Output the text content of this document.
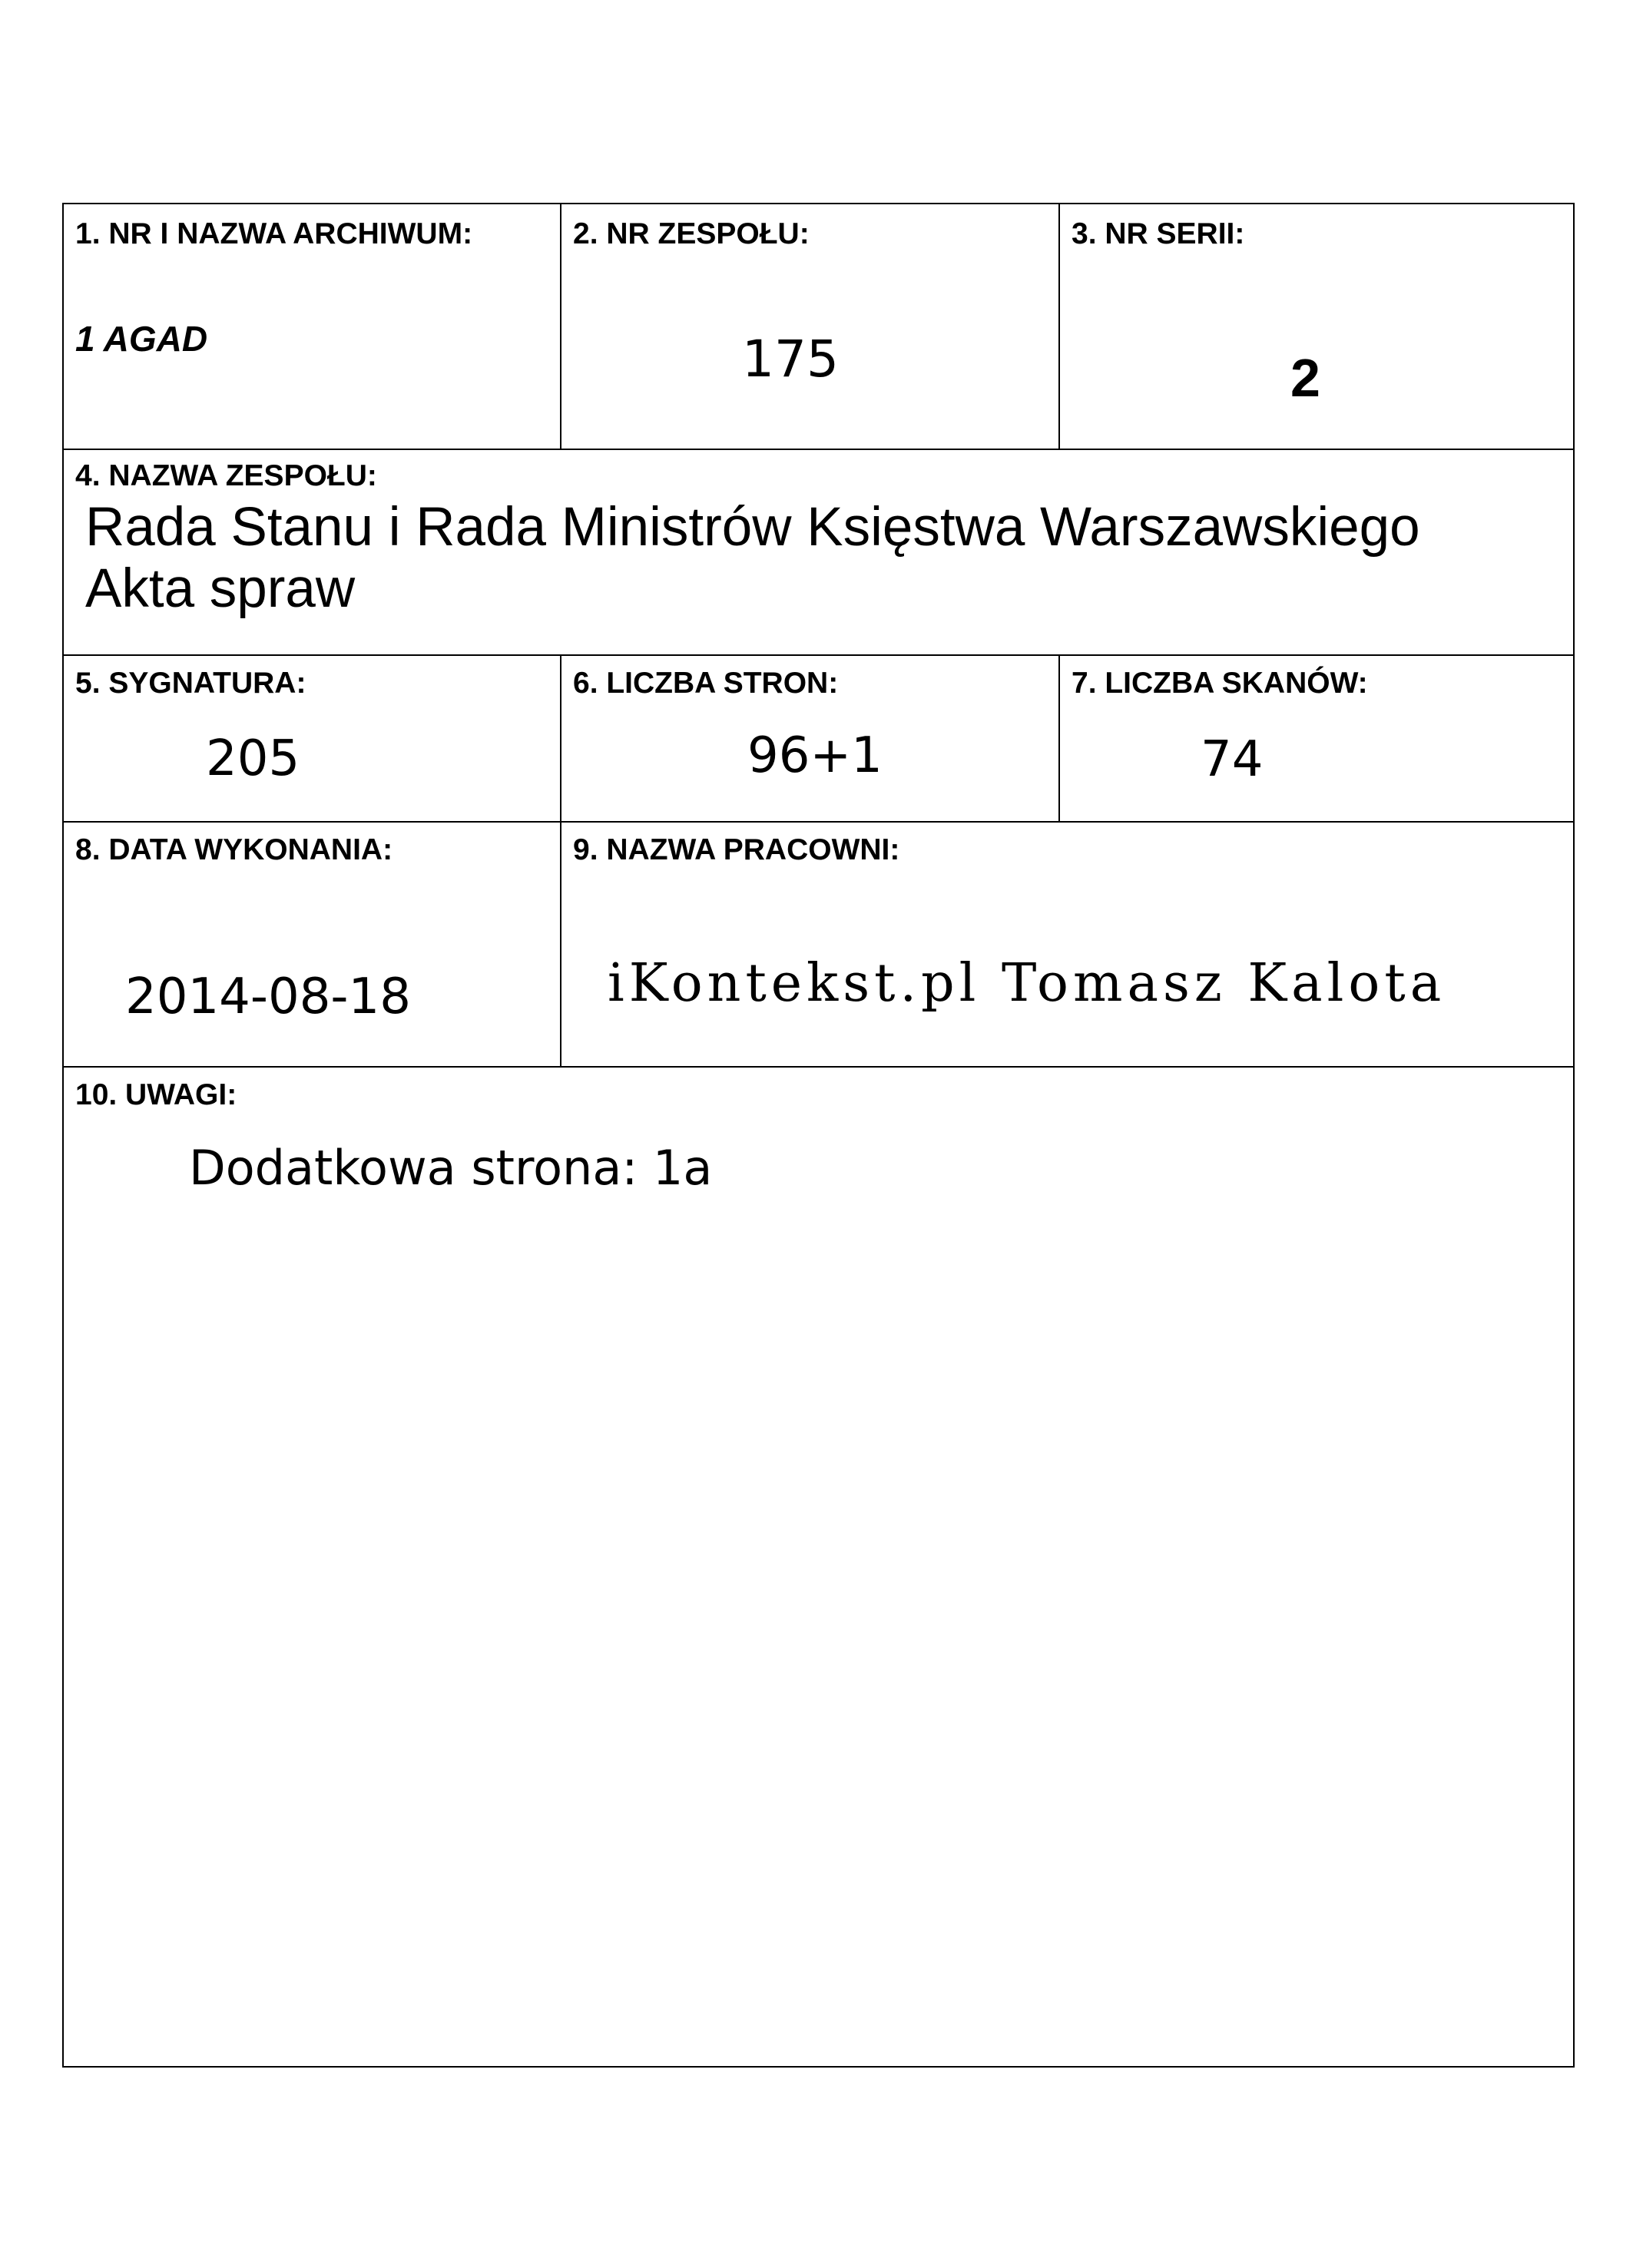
1. NR I NAZWA ARCHIWUM:
1 AGAD
2. NR ZESPOŁU:
175
3. NR SERII:
2
4. NAZWA ZESPOŁU:
Rada Stanu i Rada Ministrów Księstwa Warszawskiego
Akta spraw
5. SYGNATURA:
205
6. LICZBA STRON:
96+1
7. LICZBA SKANÓW:
74
8. DATA WYKONANIA:
2014-08-18
9. NAZWA PRACOWNI:
iKontekst.pl Tomasz Kalota
10. UWAGI:
Dodatkowa strona: 1a
